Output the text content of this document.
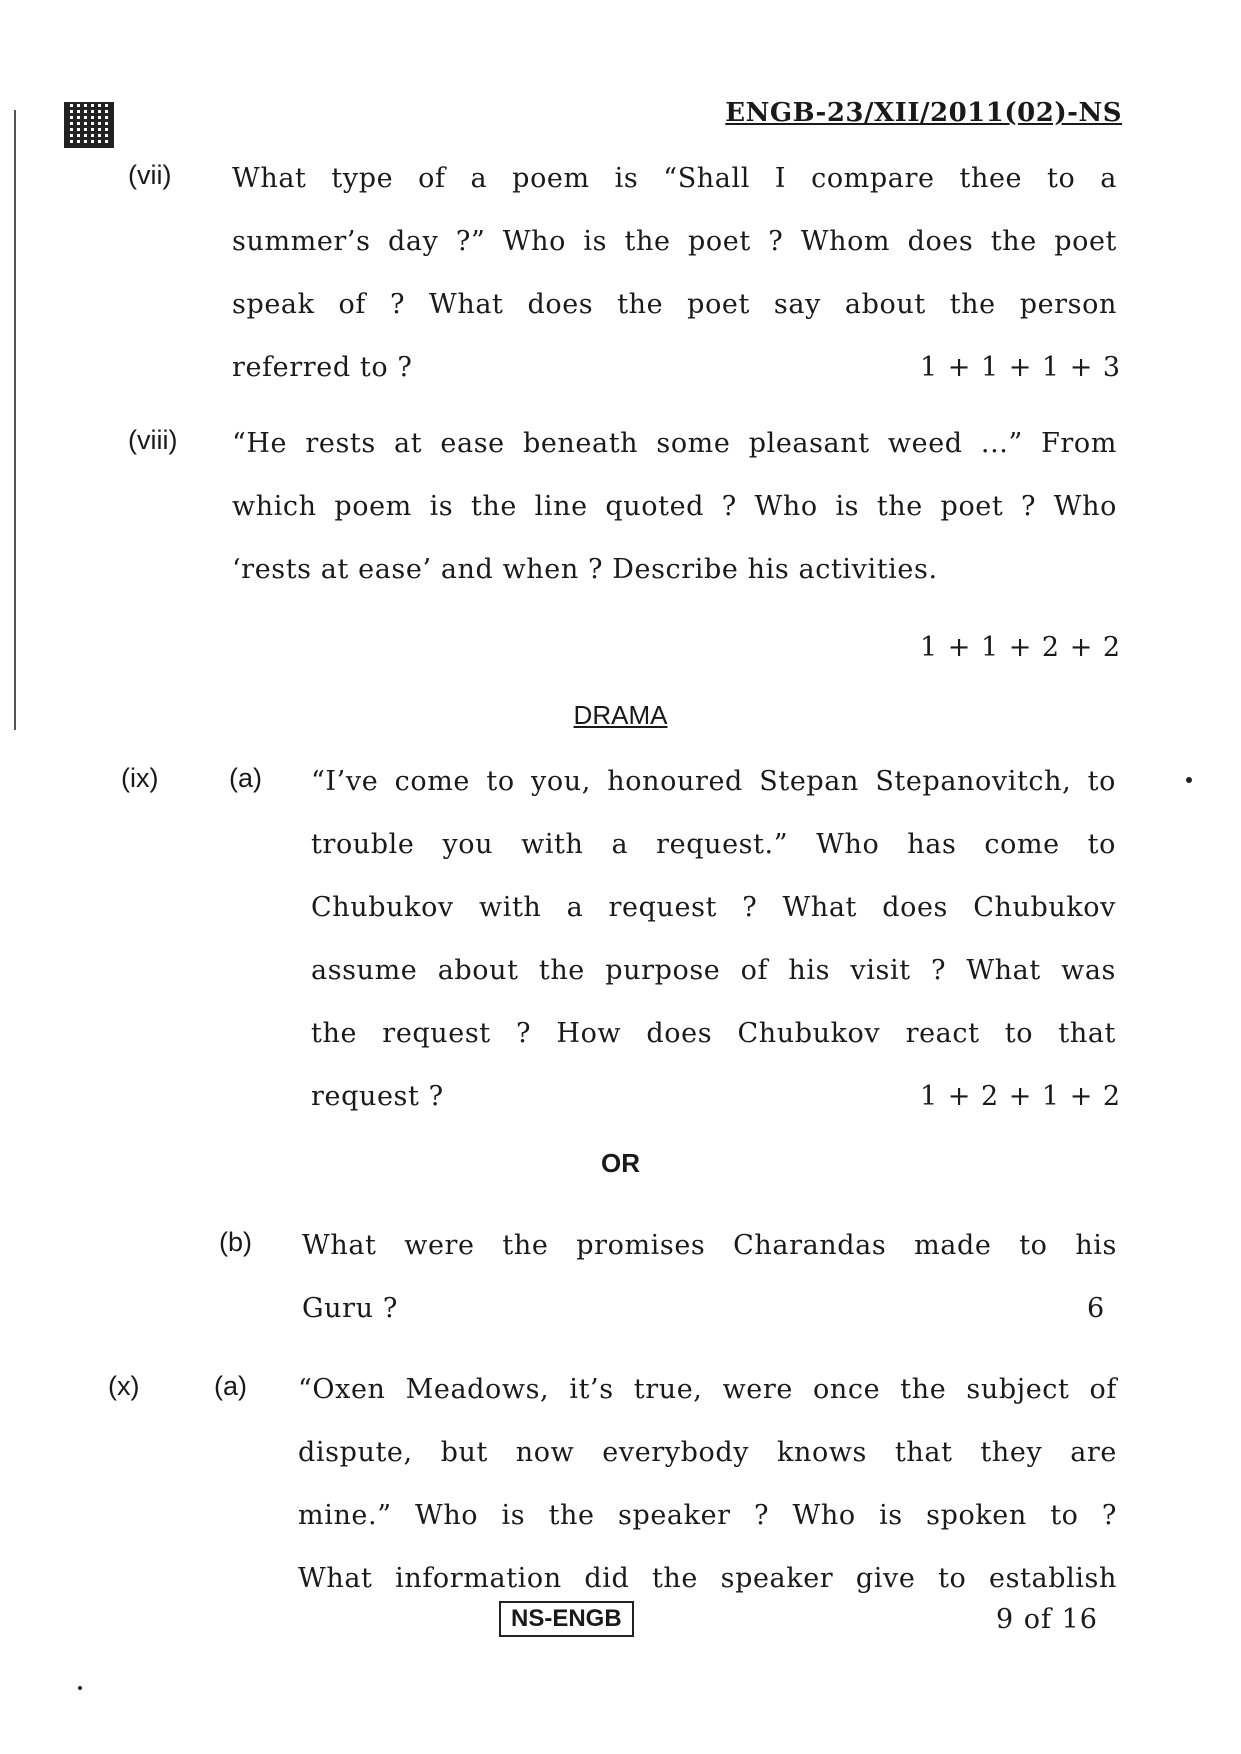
ENGB-23/XII/2011(02)-NS
(vii) What type of a poem is “Shall I compare thee to a

summer’s day ?” Who is the poet ? Whom does the poet

speak of ? What does the poet say about the person

referred to ?	1 + 1 + 1 + 3
(viii) “He rests at ease beneath some pleasant weed ...” From

which poem is the line quoted ? Who is the poet ? Who

‘rests at ease’ and when ? Describe his activities.

1 + 1 + 2 + 2
DRAMA
(ix)	(a) “I’ve come to you, honoured Stepan Stepanovitch, to

trouble you with a request.” Who has come to

Chubukov with a request ? What does Chubukov

assume about the purpose of his visit ? What was

the request ? How does Chubukov react to that

request ?	1 + 2 + 1 + 2
OR
(b) What were the promises Charandas made to his

Guru ?	6
(x)	(a) “Oxen Meadows, it’s true, were once the subject of

dispute, but now everybody knows that they are

mine.” Who is the speaker ? Who is spoken to ?

What information did the speaker give to establish

NS-ENGB	9 of 16
